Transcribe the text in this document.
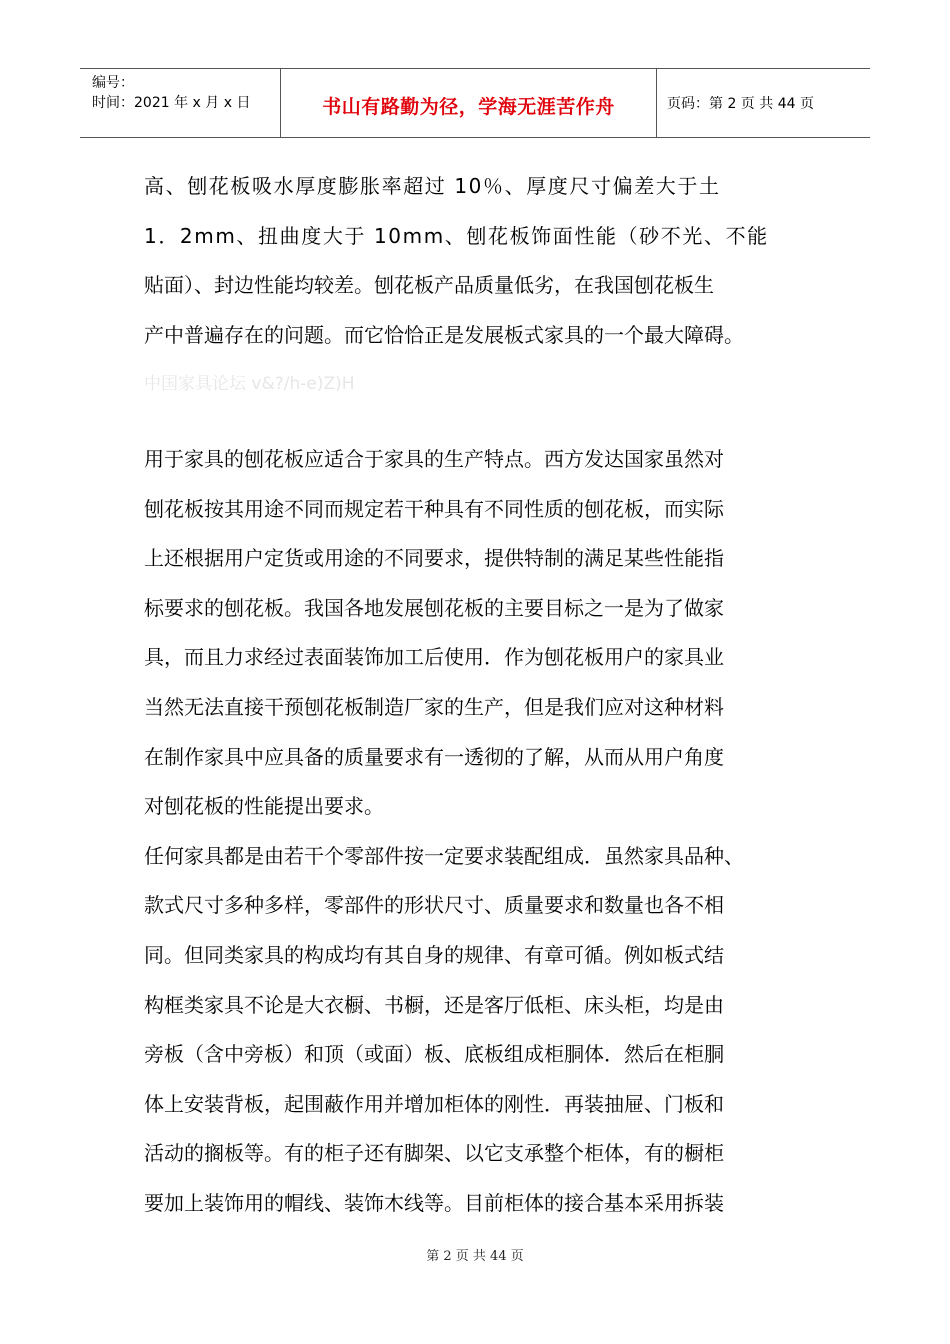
编号：
时间：2021 年 x 月 x 日	书山有路勤为径，学海无涯苦作舟	页码：第 2 页 共 44 页

高、刨花板吸水厚度膨胀率超过 10％、厚度尺寸偏差大于土

1．2mm、扭曲度大于 10mm、刨花板饰面性能（砂不光、不能

贴面）、封边性能均较差。刨花板产品质量低劣，在我国刨花板生

产中普遍存在的问题。而它恰恰正是发展板式家具的一个最大障碍。

中国家具论坛 v&?/h-e)Z)H

用于家具的刨花板应适合于家具的生产特点。西方发达国家虽然对

刨花板按其用途不同而规定若干种具有不同性质的刨花板，而实际

上还根据用户定货或用途的不同要求，提供特制的满足某些性能指

标要求的刨花板。我国各地发展刨花板的主要目标之一是为了做家

具，而且力求经过表面装饰加工后使用．作为刨花板用户的家具业

当然无法直接干预刨花板制造厂家的生产，但是我们应对这种材料

在制作家具中应具备的质量要求有一透彻的了解，从而从用户角度

对刨花板的性能提出要求。

任何家具都是由若干个零部件按一定要求装配组成．虽然家具品种、

款式尺寸多种多样，零部件的形状尺寸、质量要求和数量也各不相

同。但同类家具的构成均有其自身的规律、有章可循。例如板式结

构框类家具不论是大衣橱、书橱，还是客厅低柜、床头柜，均是由

旁板（含中旁板）和顶（或面）板、底板组成柜胴体．然后在柜胴

体上安装背板，起围蔽作用并增加柜体的刚性．再装抽屉、门板和

活动的搁板等。有的柜子还有脚架、以它支承整个柜体，有的橱柜

要加上装饰用的帽线、装饰木线等。目前柜体的接合基本采用拆装

第 2 页 共 44 页
